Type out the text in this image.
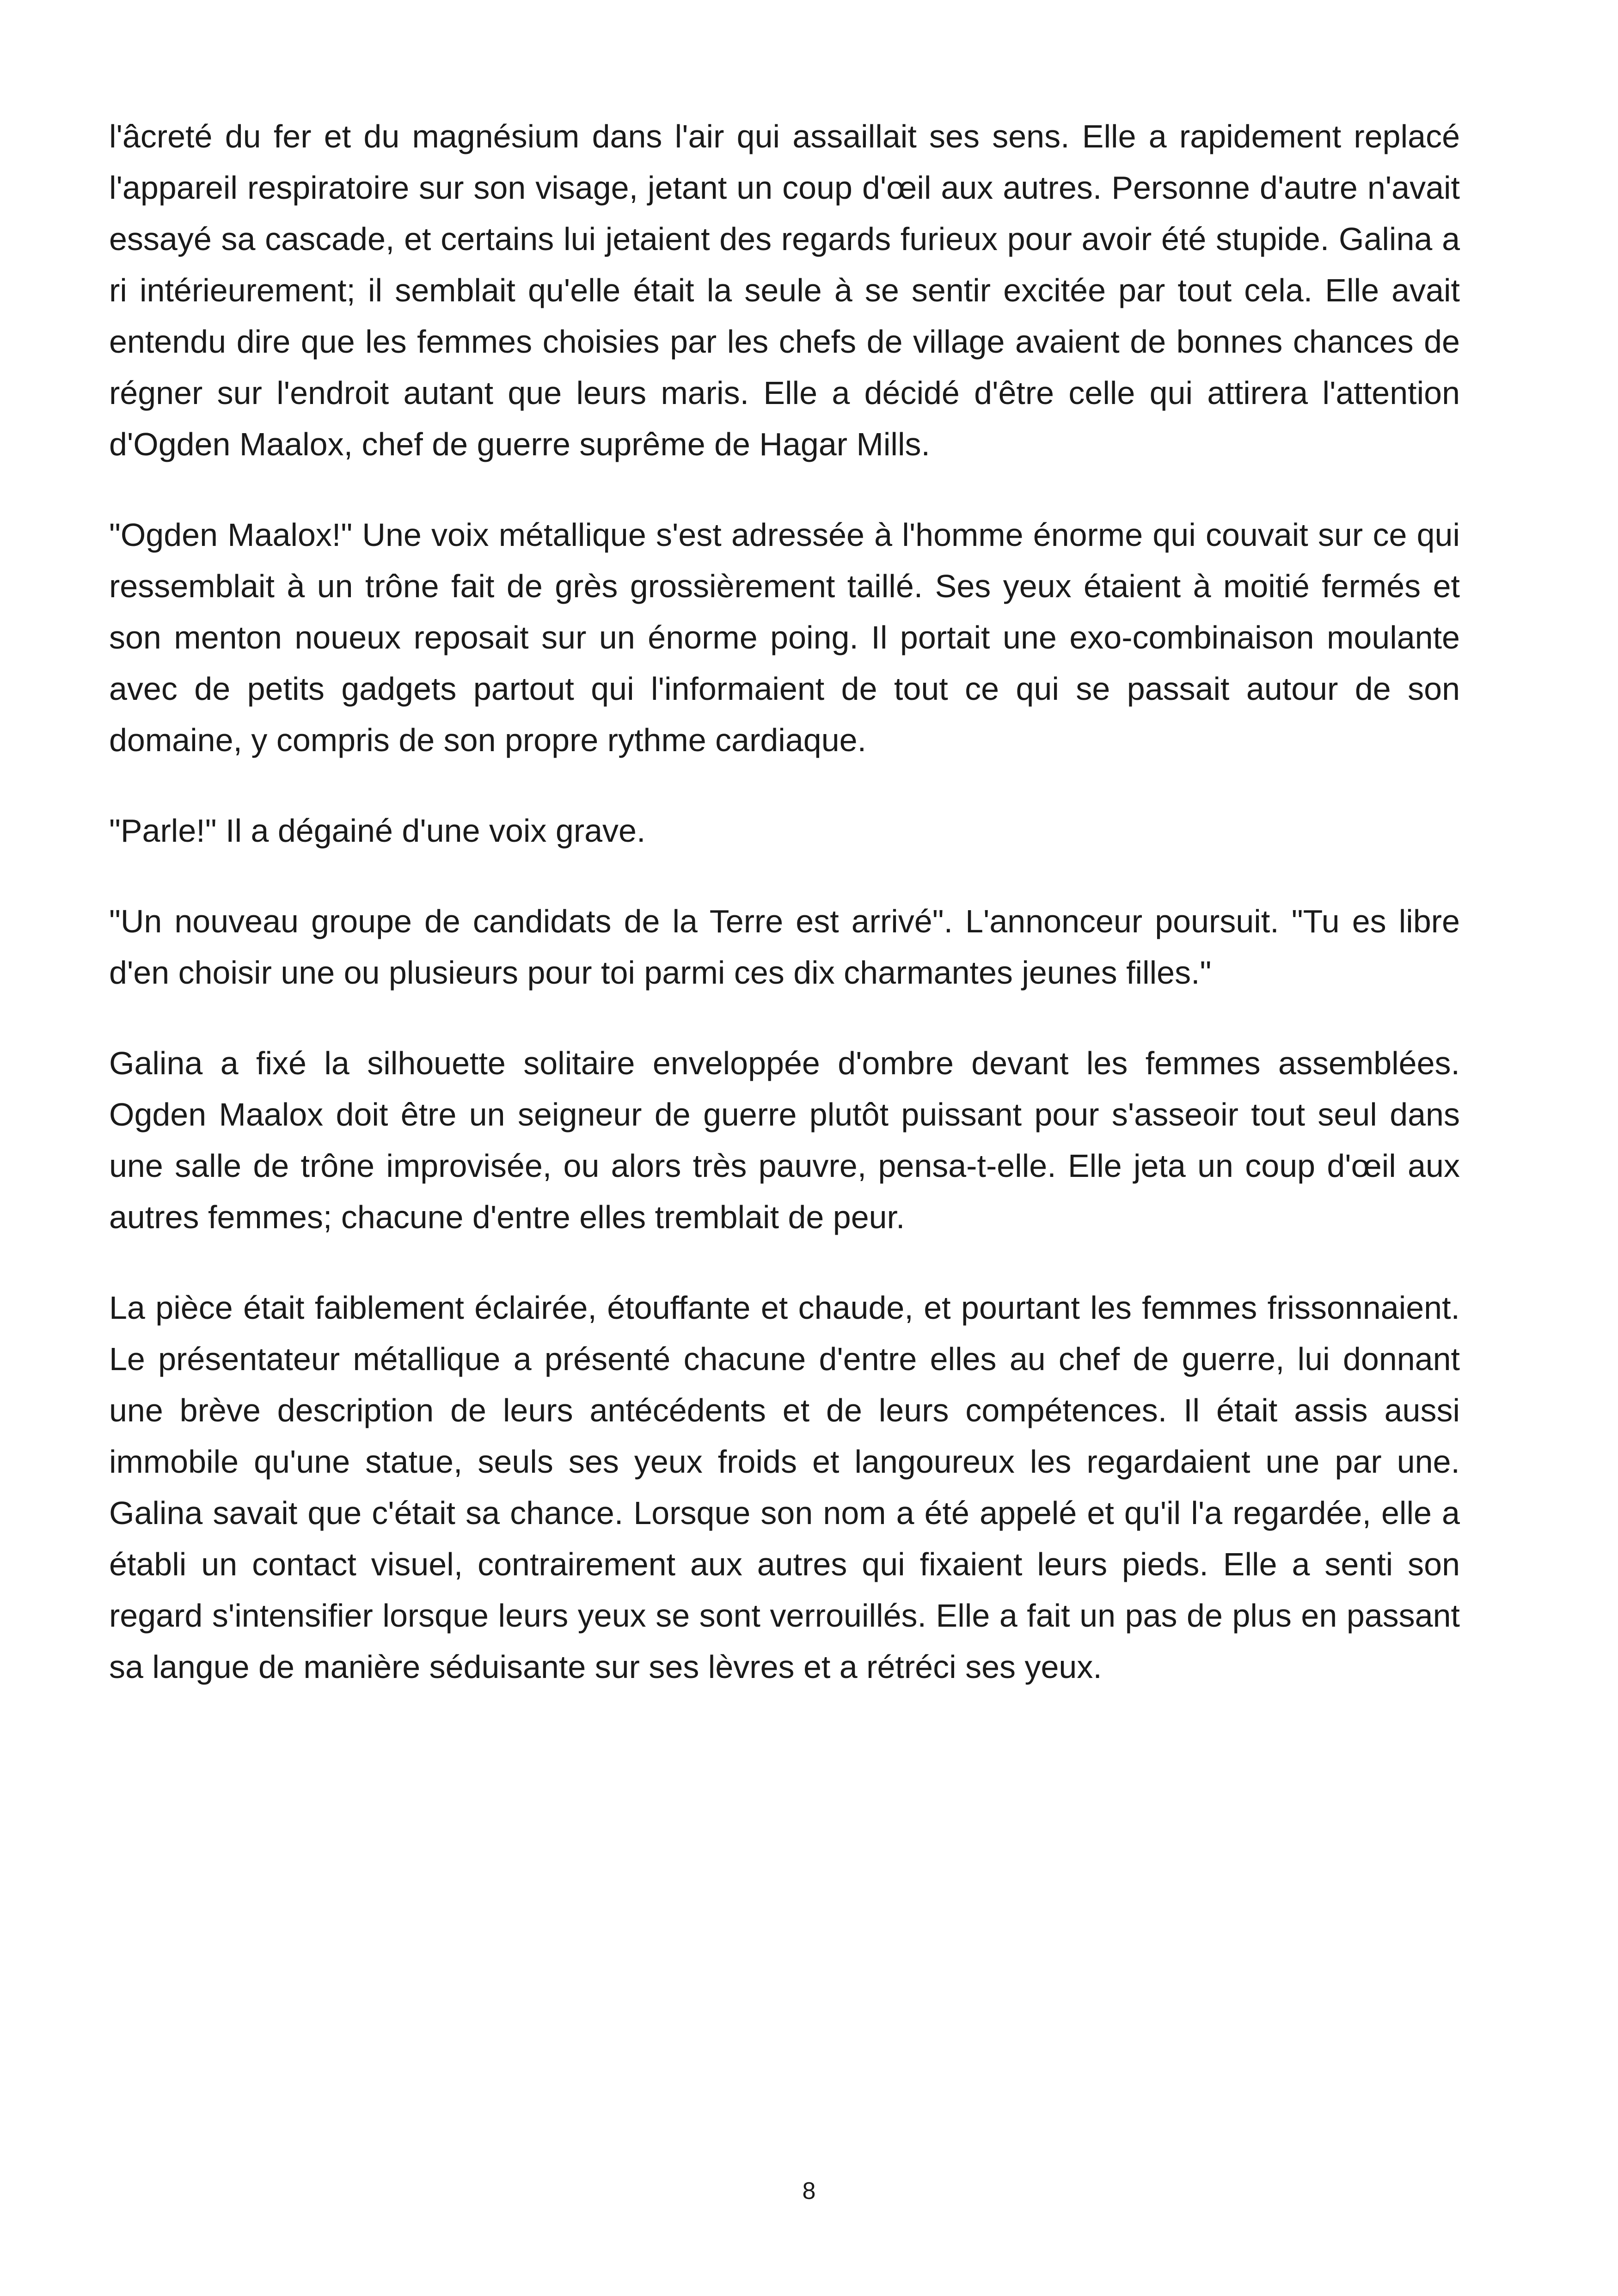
l'âcreté du fer et du magnésium dans l'air qui assaillait ses sens. Elle a rapidement replacé l'appareil respiratoire sur son visage, jetant un coup d'œil aux autres. Personne d'autre n'avait essayé sa cascade, et certains lui jetaient des regards furieux pour avoir été stupide. Galina a ri intérieurement; il semblait qu'elle était la seule à se sentir excitée par tout cela. Elle avait entendu dire que les femmes choisies par les chefs de village avaient de bonnes chances de régner sur l'endroit autant que leurs maris. Elle a décidé d'être celle qui attirera l'attention d'Ogden Maalox, chef de guerre suprême de Hagar Mills.

"Ogden Maalox!" Une voix métallique s'est adressée à l'homme énorme qui couvait sur ce qui ressemblait à un trône fait de grès grossièrement taillé. Ses yeux étaient à moitié fermés et son menton noueux reposait sur un énorme poing. Il portait une exo-combinaison moulante avec de petits gadgets partout qui l'informaient de tout ce qui se passait autour de son domaine, y compris de son propre rythme cardiaque.

"Parle!" Il a dégainé d'une voix grave.

"Un nouveau groupe de candidats de la Terre est arrivé". L'annonceur poursuit. "Tu es libre d'en choisir une ou plusieurs pour toi parmi ces dix charmantes jeunes filles."

Galina a fixé la silhouette solitaire enveloppée d'ombre devant les femmes assemblées. Ogden Maalox doit être un seigneur de guerre plutôt puissant pour s'asseoir tout seul dans une salle de trône improvisée, ou alors très pauvre, pensa-t-elle. Elle jeta un coup d'œil aux autres femmes; chacune d'entre elles tremblait de peur.

La pièce était faiblement éclairée, étouffante et chaude, et pourtant les femmes frissonnaient. Le présentateur métallique a présenté chacune d'entre elles au chef de guerre, lui donnant une brève description de leurs antécédents et de leurs compétences. Il était assis aussi immobile qu'une statue, seuls ses yeux froids et langoureux les regardaient une par une. Galina savait que c'était sa chance. Lorsque son nom a été appelé et qu'il l'a regardée, elle a établi un contact visuel, contrairement aux autres qui fixaient leurs pieds. Elle a senti son regard s'intensifier lorsque leurs yeux se sont verrouillés. Elle a fait un pas de plus en passant sa langue de manière séduisante sur ses lèvres et a rétréci ses yeux.

8
